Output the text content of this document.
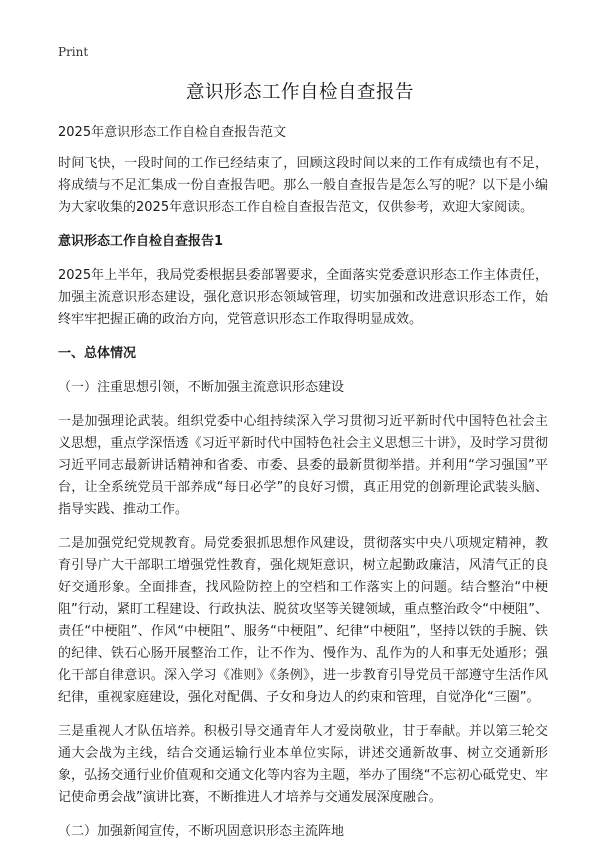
Print
意识形态工作自检自查报告

2025年意识形态工作自检自查报告范文

时间飞快，一段时间的工作已经结束了，回顾这段时间以来的工作有成绩也有不足，将成绩与不足汇集成一份自查报告吧。那么一般自查报告是怎么写的呢？以下是小编为大家收集的2025年意识形态工作自检自查报告范文，仅供参考，欢迎大家阅读。

意识形态工作自检自查报告1

2025年上半年，我局党委根据县委部署要求，全面落实党委意识形态工作主体责任，加强主流意识形态建设，强化意识形态领域管理，切实加强和改进意识形态工作，始终牢牢把握正确的政治方向，党管意识形态工作取得明显成效。

一、总体情况

（一）注重思想引领，不断加强主流意识形态建设

一是加强理论武装。组织党委中心组持续深入学习贯彻习近平新时代中国特色社会主义思想，重点学深悟透《习近平新时代中国特色社会主义思想三十讲》，及时学习贯彻习近平同志最新讲话精神和省委、市委、县委的最新贯彻举措。并利用“学习强国”平台，让全系统党员干部养成“每日必学”的良好习惯，真正用党的创新理论武装头脑、指导实践、推动工作。

二是加强党纪党规教育。局党委狠抓思想作风建设，贯彻落实中央八项规定精神，教育引导广大干部职工增强党性教育，强化规矩意识，树立起勤政廉洁，风清气正的良好交通形象。全面排查，找风险防控上的空档和工作落实上的问题。结合整治“中梗阻”行动，紧盯工程建设、行政执法、脱贫攻坚等关键领域，重点整治政令“中梗阻”、责任“中梗阻”、作风“中梗阻”、服务“中梗阻”、纪律“中梗阻”，坚持以铁的手腕、铁的纪律、铁石心肠开展整治工作，让不作为、慢作为、乱作为的人和事无处遁形；强化干部自律意识。深入学习《准则》《条例》，进一步教育引导党员干部遵守生活作风纪律，重视家庭建设，强化对配偶、子女和身边人的约束和管理，自觉净化“三圈”。

三是重视人才队伍培养。积极引导交通青年人才爱岗敬业，甘于奉献。并以第三轮交通大会战为主线，结合交通运输行业本单位实际，讲述交通新故事、树立交通新形象，弘扬交通行业价值观和交通文化等内容为主题，举办了围绕“不忘初心砥党史、牢记使命勇会战”演讲比赛，不断推进人才培养与交通发展深度融合。

（二）加强新闻宣传，不断巩固意识形态主流阵地
